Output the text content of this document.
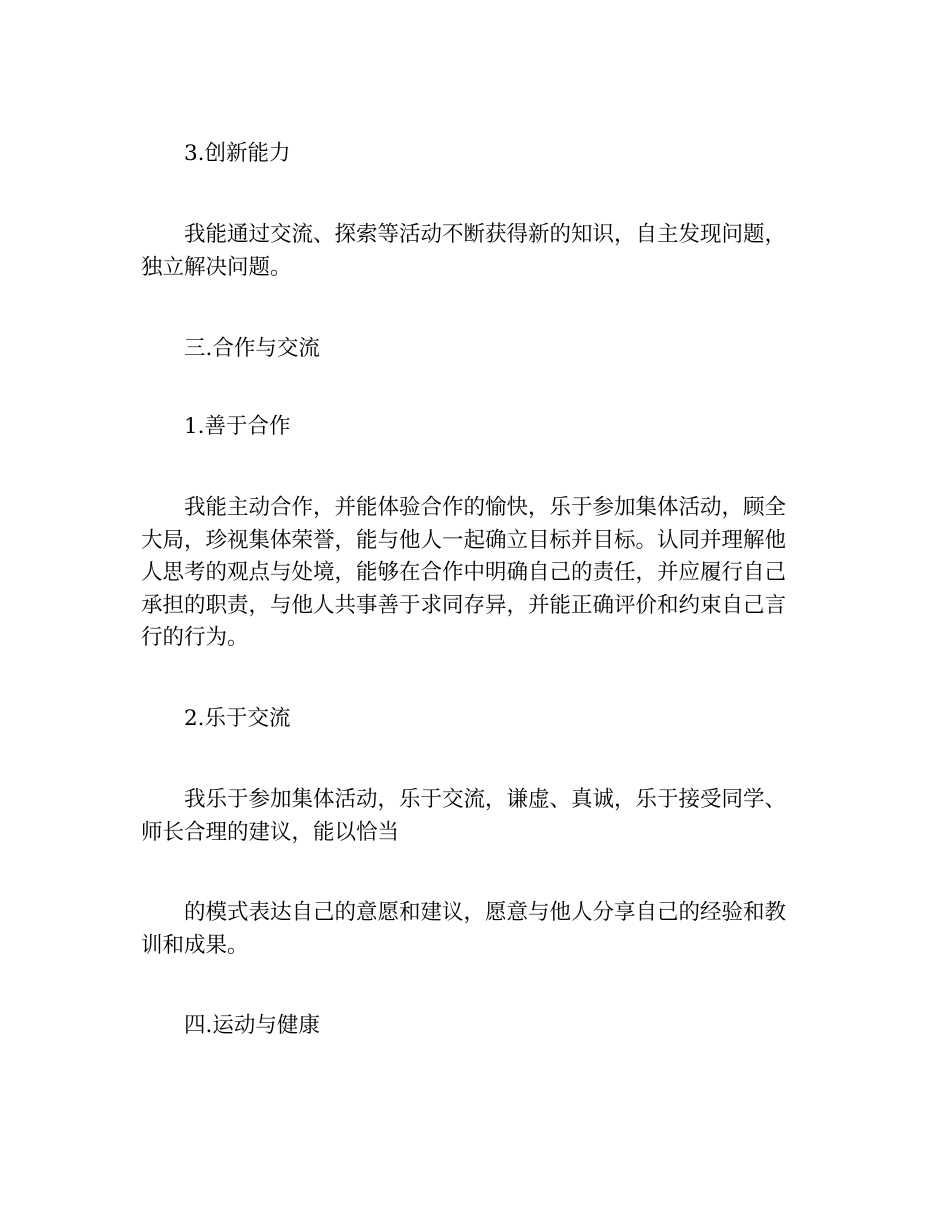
3.创新能力

我能通过交流、探索等活动不断获得新的知识，自主发现问题，独立解决问题。

三.合作与交流

1.善于合作

我能主动合作，并能体验合作的愉快，乐于参加集体活动，顾全大局，珍视集体荣誉，能与他人一起确立目标并目标。认同并理解他人思考的观点与处境，能够在合作中明确自己的责任，并应履行自己承担的职责，与他人共事善于求同存异，并能正确评价和约束自己言行的行为。

2.乐于交流

我乐于参加集体活动，乐于交流，谦虚、真诚，乐于接受同学、师长合理的建议，能以恰当

的模式表达自己的意愿和建议，愿意与他人分享自己的经验和教训和成果。

四.运动与健康
